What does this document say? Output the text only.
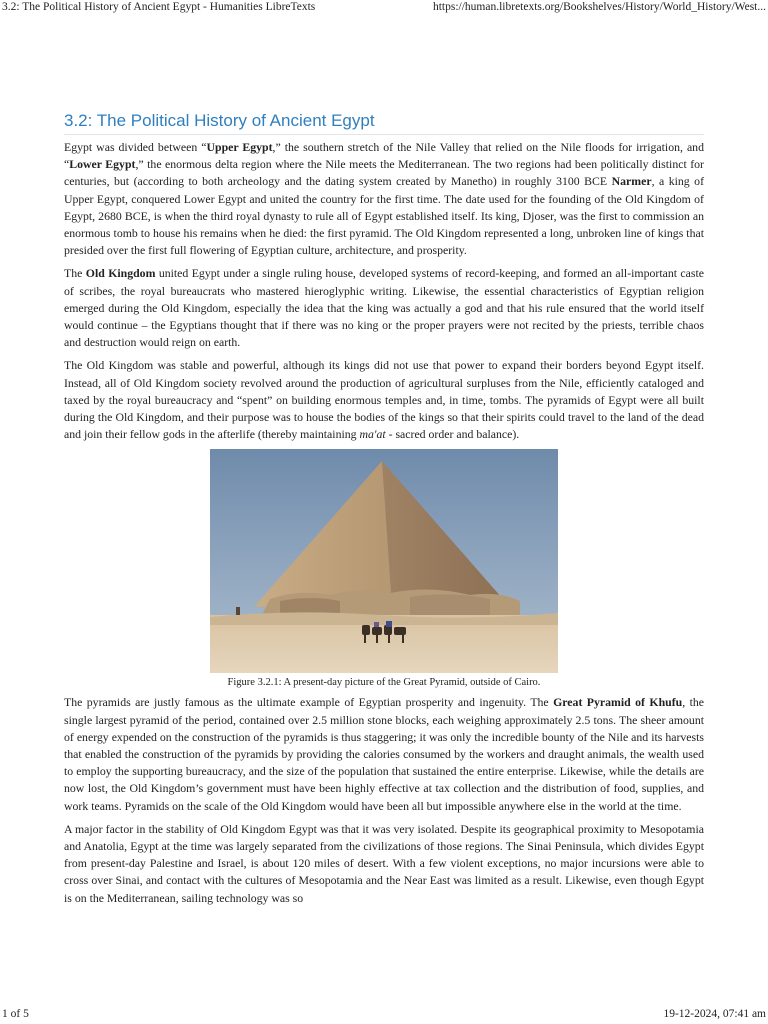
3.2: The Political History of Ancient Egypt - Humanities LibreTexts	https://human.libretexts.org/Bookshelves/History/World_History/West...
3.2: The Political History of Ancient Egypt

Egypt was divided between “Upper Egypt,” the southern stretch of the Nile Valley that relied on the Nile floods for irrigation, and “Lower Egypt,” the enormous delta region where the Nile meets the Mediterranean. The two regions had been politically distinct for centuries, but (according to both archeology and the dating system created by Manetho) in roughly 3100 BCE Narmer, a king of Upper Egypt, conquered Lower Egypt and united the country for the first time. The date used for the founding of the Old Kingdom of Egypt, 2680 BCE, is when the third royal dynasty to rule all of Egypt established itself. Its king, Djoser, was the first to commission an enormous tomb to house his remains when he died: the first pyramid. The Old Kingdom represented a long, unbroken line of kings that presided over the first full flowering of Egyptian culture, architecture, and prosperity.

The Old Kingdom united Egypt under a single ruling house, developed systems of record-keeping, and formed an all-important caste of scribes, the royal bureaucrats who mastered hieroglyphic writing. Likewise, the essential characteristics of Egyptian religion emerged during the Old Kingdom, especially the idea that the king was actually a god and that his rule ensured that the world itself would continue – the Egyptians thought that if there was no king or the proper prayers were not recited by the priests, terrible chaos and destruction would reign on earth.

The Old Kingdom was stable and powerful, although its kings did not use that power to expand their borders beyond Egypt itself. Instead, all of Old Kingdom society revolved around the production of agricultural surpluses from the Nile, efficiently cataloged and taxed by the royal bureaucracy and “spent” on building enormous temples and, in time, tombs. The pyramids of Egypt were all built during the Old Kingdom, and their purpose was to house the bodies of the kings so that their spirits could travel to the land of the dead and join their fellow gods in the afterlife (thereby maintaining ma'at - sacred order and balance).

Figure 3.2.1: A present-day picture of the Great Pyramid, outside of Cairo.

The pyramids are justly famous as the ultimate example of Egyptian prosperity and ingenuity. The Great Pyramid of Khufu, the single largest pyramid of the period, contained over 2.5 million stone blocks, each weighing approximately 2.5 tons. The sheer amount of energy expended on the construction of the pyramids is thus staggering; it was only the incredible bounty of the Nile and its harvests that enabled the construction of the pyramids by providing the calories consumed by the workers and draught animals, the wealth used to employ the supporting bureaucracy, and the size of the population that sustained the entire enterprise. Likewise, while the details are now lost, the Old Kingdom’s government must have been highly effective at tax collection and the distribution of food, supplies, and work teams. Pyramids on the scale of the Old Kingdom would have been all but impossible anywhere else in the world at the time.

A major factor in the stability of Old Kingdom Egypt was that it was very isolated. Despite its geographical proximity to Mesopotamia and Anatolia, Egypt at the time was largely separated from the civilizations of those regions. The Sinai Peninsula, which divides Egypt from present-day Palestine and Israel, is about 120 miles of desert. With a few violent exceptions, no major incursions were able to cross over Sinai, and contact with the cultures of Mesopotamia and the Near East was limited as a result. Likewise, even though Egypt is on the Mediterranean, sailing technology was so

1 of 5	19-12-2024, 07:41 am
